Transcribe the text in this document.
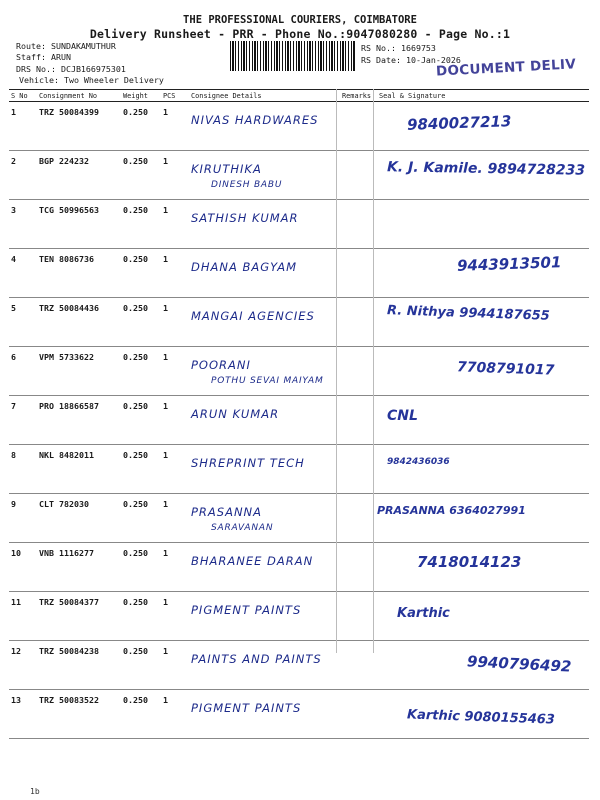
THE PROFESSIONAL COURIERS, COIMBATORE
Delivery Runsheet - PRR - Phone No.:9047080280 - Page No.:1
Route: SUNDAKAMUTHUR
Staff: ARUN
DRS No.: DCJB166975301
Vehicle: Two Wheeler Delivery
RS No.: 1669753
RS Date: 10-Jan-2026
DOCUMENT DELIV
S No	Consignment No	Weight	PCS	Consignee Details	Remarks	Seal & Signature
1	TRZ 50084399	0.250	1	NIVAS HARDWARES		9840027213

2	BGP 224232	0.250	1	KIRUTHIKA
DINESH BABU		K. J. Kamile. 9894728233

3	TCG 50996563	0.250	1	SATHISH KUMAR

4	TEN 8086736	0.250	1	DHANA BAGYAM		9443913501

5	TRZ 50084436	0.250	1	MANGAI AGENCIES		R. Nithya 9944187655

6	VPM 5733622	0.250	1	POORANI
POTHU SEVAI MAIYAM		7708791017

7	PRO 18866587	0.250	1	ARUN KUMAR		CNL

8	NKL 8482011	0.250	1	SHREPRINT TECH		9842436036

9	CLT 782030	0.250	1	PRASANNA
SARAVANAN		PRASANNA 6364027991

10	VNB 1116277	0.250	1	BHARANEE DARAN		7418014123

11	TRZ 50084377	0.250	1	PIGMENT PAINTS		Karthic

12	TRZ 50084238	0.250	1	PAINTS AND PAINTS		9940796492

13	TRZ 50083522	0.250	1	PIGMENT PAINTS		Karthic 9080155463
1b
